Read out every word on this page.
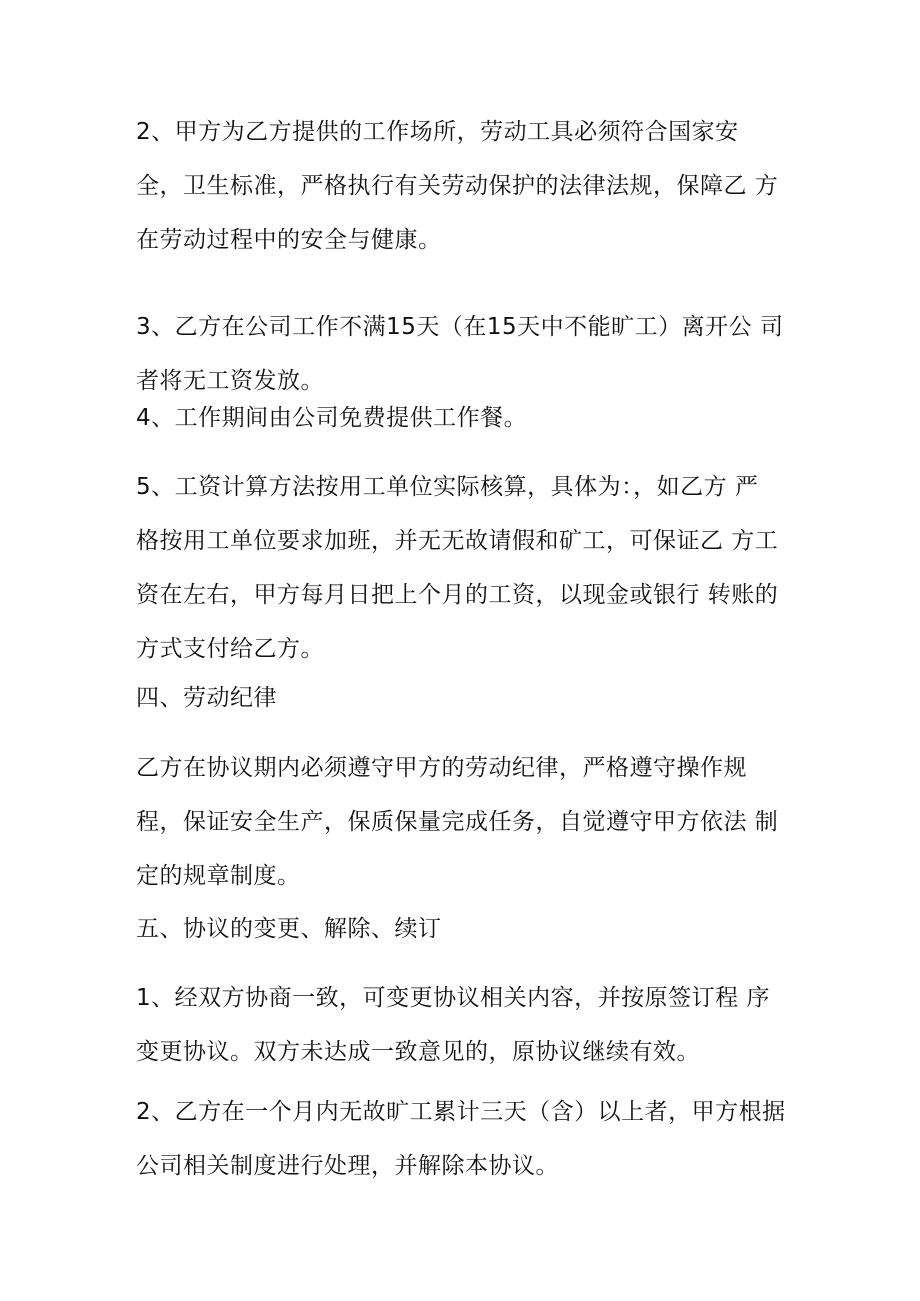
2、甲方为乙方提供的工作场所，劳动工具必须符合国家安
全，卫生标准，严格执行有关劳动保护的法律法规，保障乙 方
在劳动过程中的安全与健康。
3、乙方在公司工作不满15天（在15天中不能旷工）离开公 司
者将无工资发放。
4、工作期间由公司免费提供工作餐。
5、工资计算方法按用工单位实际核算，具体为：，如乙方 严
格按用工单位要求加班，并无无故请假和矿工，可保证乙 方工
资在左右，甲方每月日把上个月的工资，以现金或银行 转账的
方式支付给乙方。
四、劳动纪律
乙方在协议期内必须遵守甲方的劳动纪律，严格遵守操作规
程，保证安全生产，保质保量完成任务，自觉遵守甲方依法 制
定的规章制度。
五、协议的变更、解除、续订
1、经双方协商一致，可变更协议相关内容，并按原签订程 序
变更协议。双方未达成一致意见的，原协议继续有效。
2、乙方在一个月内无故旷工累计三天（含）以上者，甲方根据
公司相关制度进行处理，并解除本协议。
